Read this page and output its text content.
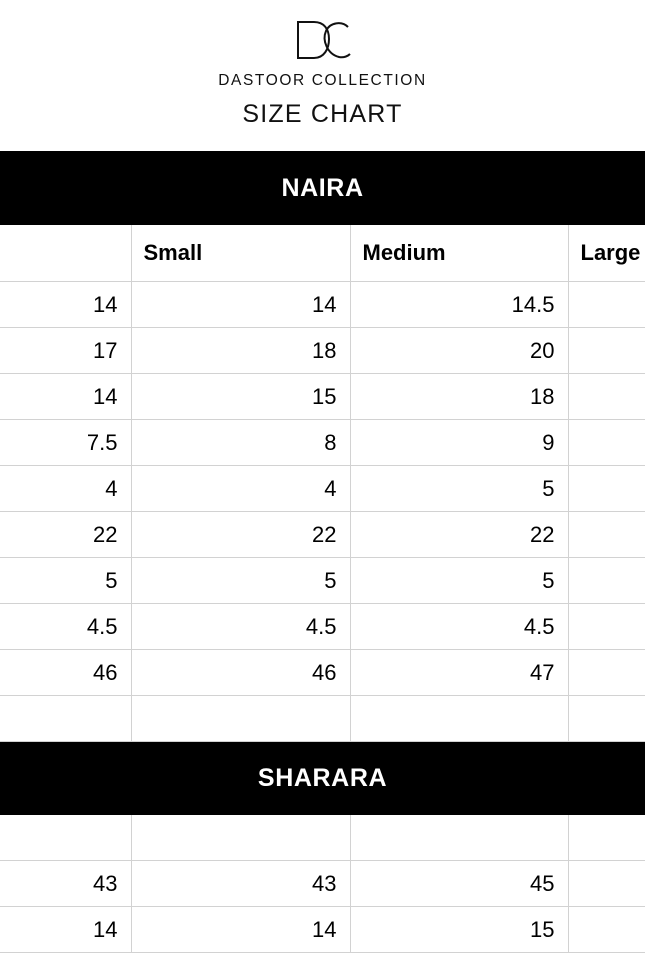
DASTOOR COLLECTION
SIZE CHART
NAIRA			
	Small	Medium	Large
14	14	14.5	
17	18	20	
14	15	18	
7.5	8	9	
4	4	5	
22	22	22	
5	5	5	
4.5	4.5	4.5	
46	46	47	

SHARARA			

43	43	45	
14	14	15	
